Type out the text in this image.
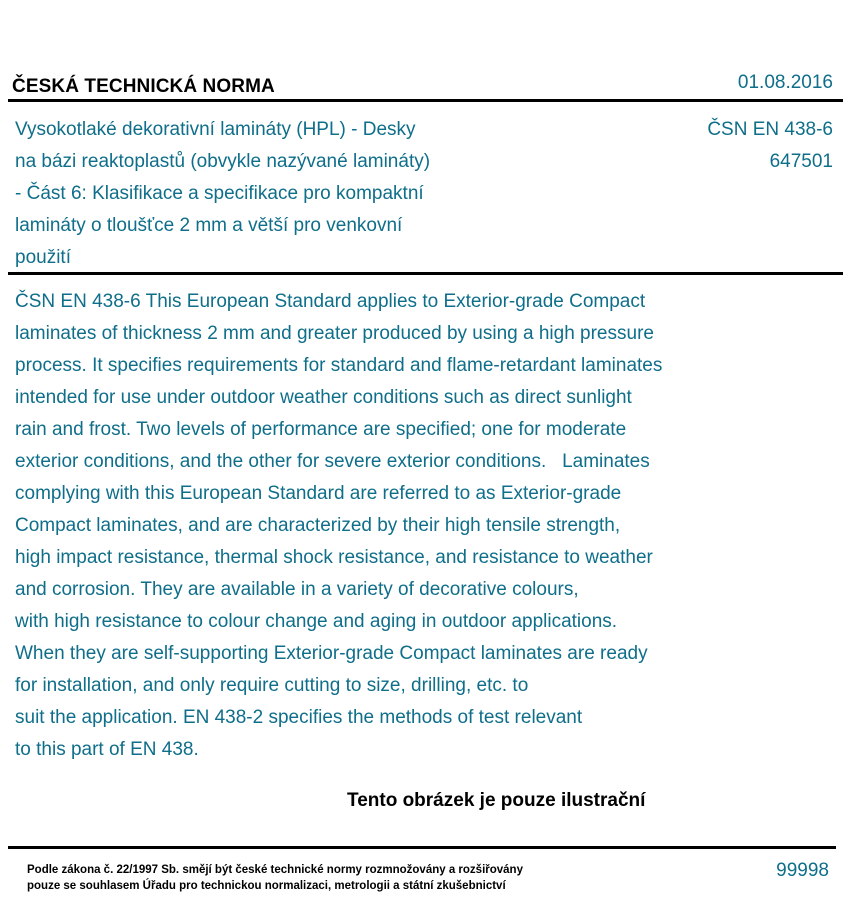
ČESKÁ TECHNICKÁ NORMA	01.08.2016
Vysokotlaké dekorativní lamináty (HPL) - Desky
na bázi reaktoplastů (obvykle nazývané lamináty)
- Část 6: Klasifikace a specifikace pro kompaktní
lamináty o tloušťce 2 mm a větší pro venkovní
použití
ČSN EN 438-6
647501
ČSN EN 438-6 This European Standard applies to Exterior-grade Compact
laminates of thickness 2 mm and greater produced by using a high pressure
process. It specifies requirements for standard and flame-retardant laminates
intended for use under outdoor weather conditions such as direct sunlight
rain and frost. Two levels of performance are specified; one for moderate
exterior conditions, and the other for severe exterior conditions.   Laminates
complying with this European Standard are referred to as Exterior-grade
Compact laminates, and are characterized by their high tensile strength,
high impact resistance, thermal shock resistance, and resistance to weather
and corrosion. They are available in a variety of decorative colours,
with high resistance to colour change and aging in outdoor applications.
When they are self-supporting Exterior-grade Compact laminates are ready
for installation, and only require cutting to size, drilling, etc. to
suit the application. EN 438-2 specifies the methods of test relevant
to this part of EN 438.
Tento obrázek je pouze ilustrační
Podle zákona č. 22/1997 Sb. smějí být české technické normy rozmnožovány a rozšiřovány
pouze se souhlasem Úřadu pro technickou normalizaci, metrologii a státní zkušebnictví
99998
